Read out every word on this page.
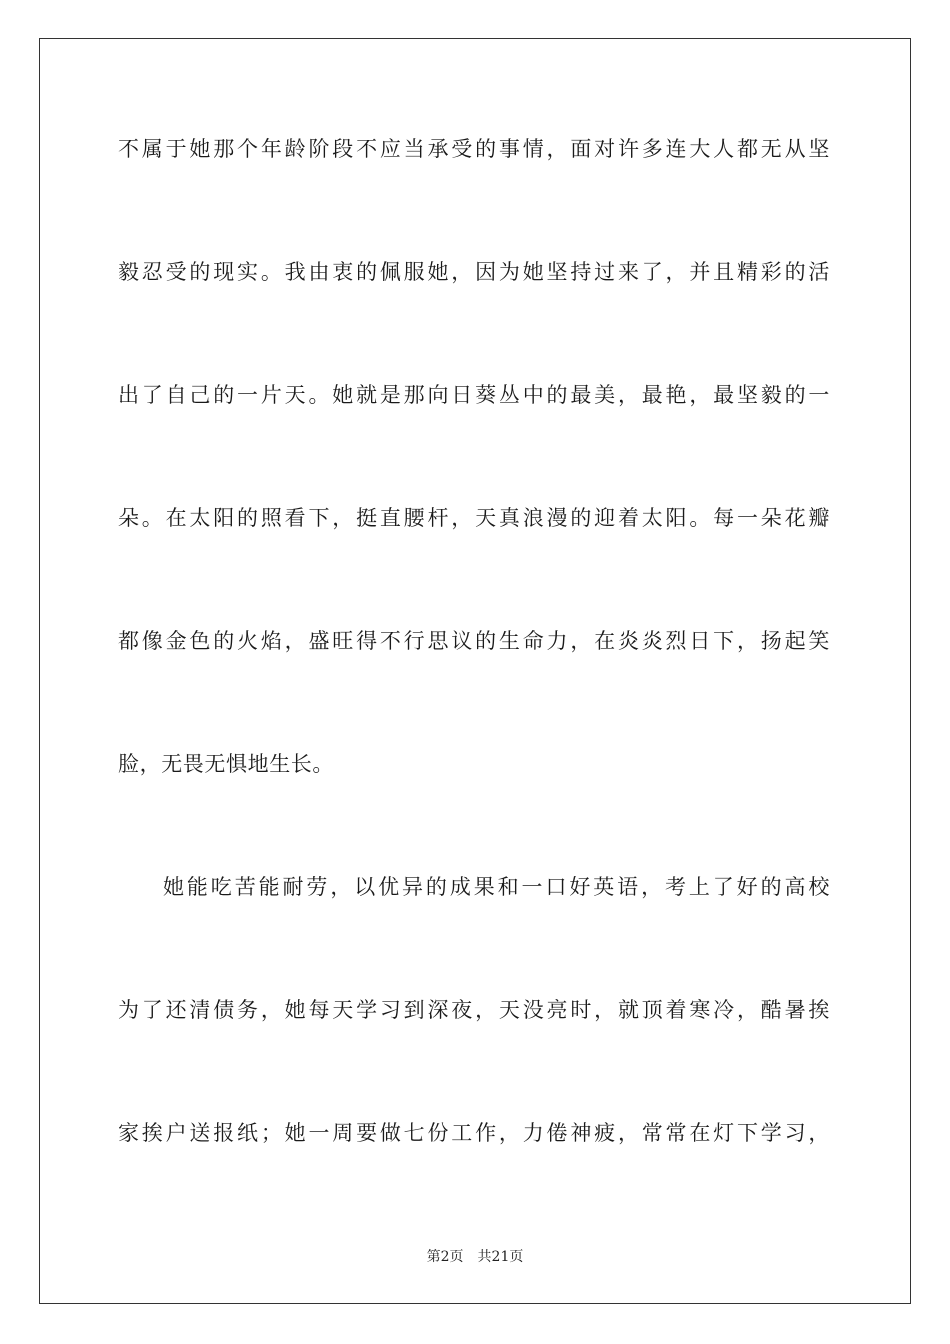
不属于她那个年龄阶段不应当承受的事情，面对许多连大人都无从坚
毅忍受的现实。我由衷的佩服她，因为她坚持过来了，并且精彩的活
出了自己的一片天。她就是那向日葵丛中的最美，最艳，最坚毅的一
朵。在太阳的照看下，挺直腰杆，天真浪漫的迎着太阳。每一朵花瓣
都像金色的火焰，盛旺得不行思议的生命力，在炎炎烈日下，扬起笑
脸，无畏无惧地生长。
她能吃苦能耐劳，以优异的成果和一口好英语，考上了好的高校
为了还清债务，她每天学习到深夜，天没亮时，就顶着寒冷，酷暑挨
家挨户送报纸；她一周要做七份工作，力倦神疲，常常在灯下学习，
第2页 共21页
